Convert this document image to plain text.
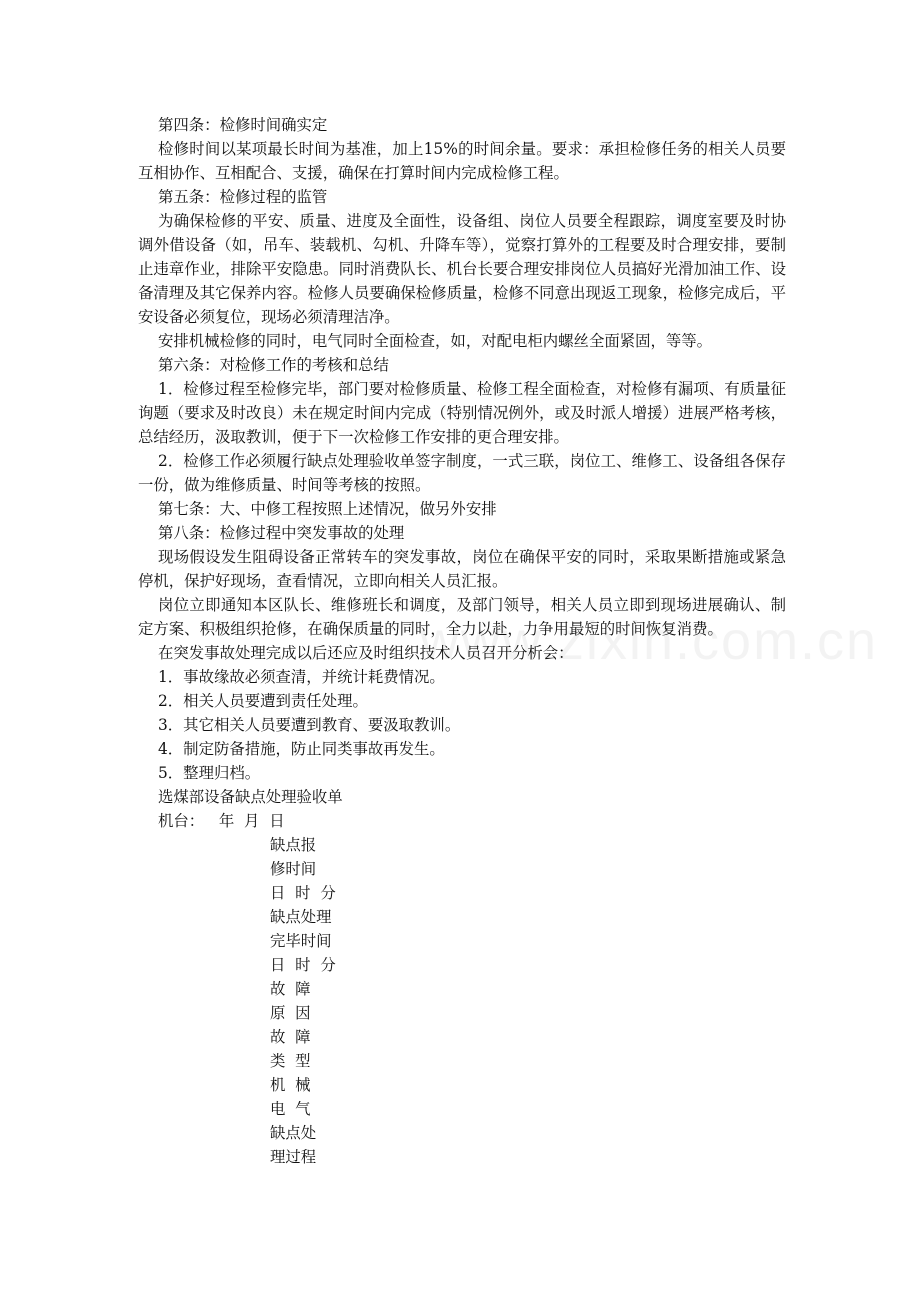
第四条：检修时间确实定

检修时间以某项最长时间为基准，加上15%的时间余量。要求：承担检修任务的相关人员要互相协作、互相配合、支援，确保在打算时间内完成检修工程。

第五条：检修过程的监管

为确保检修的平安、质量、进度及全面性，设备组、岗位人员要全程跟踪，调度室要及时协调外借设备（如，吊车、装载机、勾机、升降车等），觉察打算外的工程要及时合理安排，要制止违章作业，排除平安隐患。同时消费队长、机台长要合理安排岗位人员搞好光滑加油工作、设备清理及其它保养内容。检修人员要确保检修质量，检修不同意出现返工现象，检修完成后，平安设备必须复位，现场必须清理洁净。

安排机械检修的同时，电气同时全面检查，如，对配电柜内螺丝全面紧固，等等。

第六条：对检修工作的考核和总结

1．检修过程至检修完毕，部门要对检修质量、检修工程全面检查，对检修有漏项、有质量征询题（要求及时改良）未在规定时间内完成（特别情况例外，或及时派人增援）进展严格考核，总结经历，汲取教训，便于下一次检修工作安排的更合理安排。

2．检修工作必须履行缺点处理验收单签字制度，一式三联，岗位工、维修工、设备组各保存一份，做为维修质量、时间等考核的按照。

第七条：大、中修工程按照上述情况，做另外安排

第八条：检修过程中突发事故的处理

现场假设发生阻碍设备正常转车的突发事故，岗位在确保平安的同时，采取果断措施或紧急停机，保护好现场，查看情况，立即向相关人员汇报。

岗位立即通知本区队长、维修班长和调度，及部门领导，相关人员立即到现场进展确认、制定方案、积极组织抢修，在确保质量的同时，全力以赴，力争用最短的时间恢复消费。

在突发事故处理完成以后还应及时组织技术人员召开分析会：

1．事故缘故必须查清，并统计耗费情况。

2．相关人员要遭到责任处理。

3．其它相关人员要遭到教育、要汲取教训。

4．制定防备措施，防止同类事故再发生。

5．整理归档。

选煤部设备缺点处理验收单

机台：   年  月  日

缺点报

修时间

日  时  分

缺点处理

完毕时间

日  时  分

故  障

原  因

故  障

类  型

机  械

电  气

缺点处

理过程
